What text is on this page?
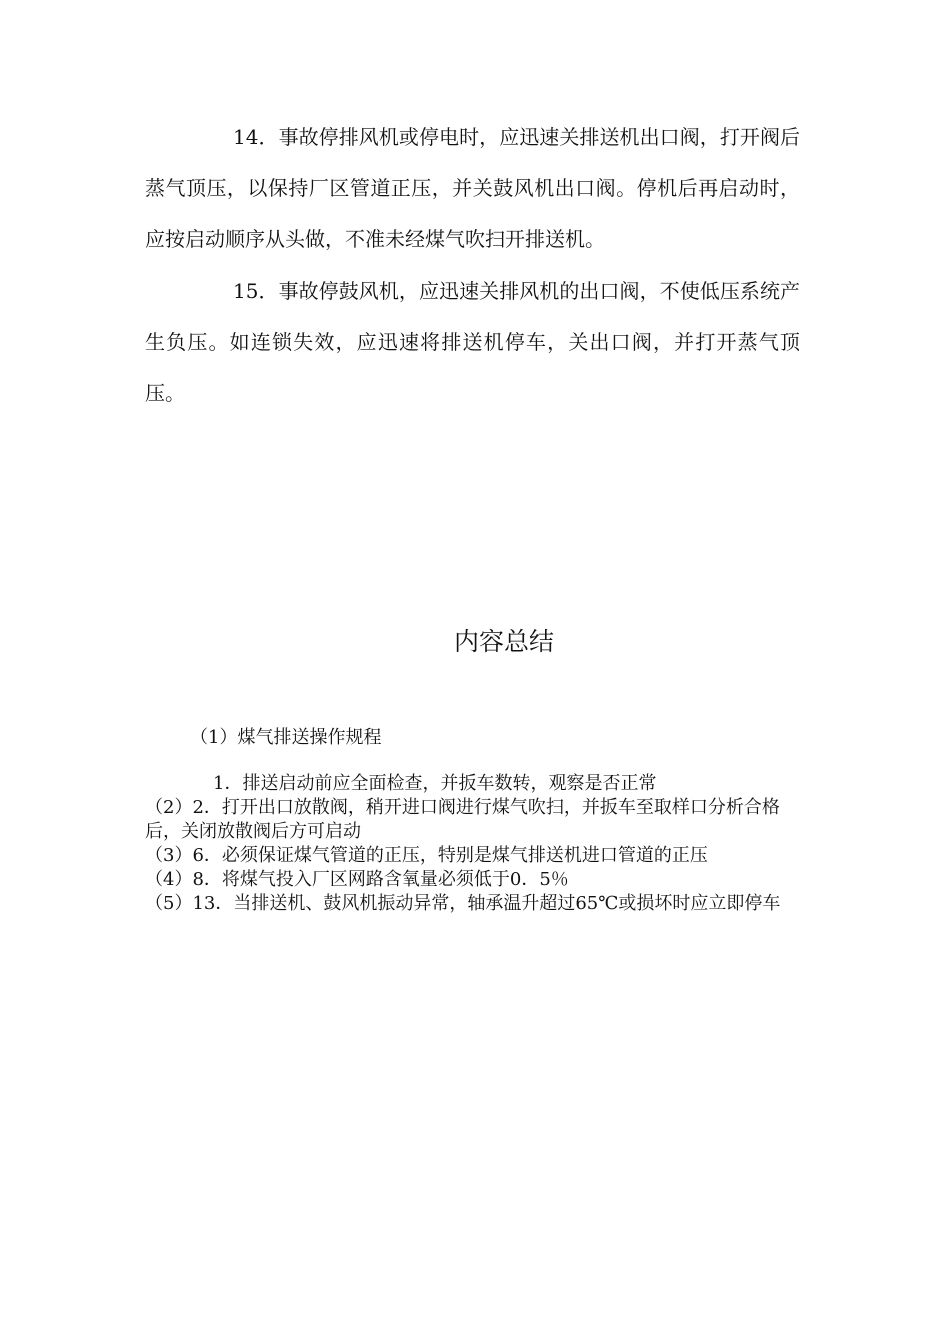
14．事故停排风机或停电时，应迅速关排送机出口阀，打开阀后蒸气顶压，以保持厂区管道正压，并关鼓风机出口阀。停机后再启动时，应按启动顺序从头做，不准未经煤气吹扫开排送机。

15．事故停鼓风机，应迅速关排风机的出口阀，不使低压系统产生负压。如连锁失效，应迅速将排送机停车，关出口阀，并打开蒸气顶压。

内容总结

（1）煤气排送操作规程

1．排送启动前应全面检查，并扳车数转，观察是否正常
（2）2．打开出口放散阀，稍开进口阀进行煤气吹扫，并扳车至取样口分析合格后，关闭放散阀后方可启动
（3）6．必须保证煤气管道的正压，特别是煤气排送机进口管道的正压
（4）8．将煤气投入厂区网路含氧量必须低于0．5％
（5）13．当排送机、鼓风机振动异常，轴承温升超过65℃或损坏时应立即停车
